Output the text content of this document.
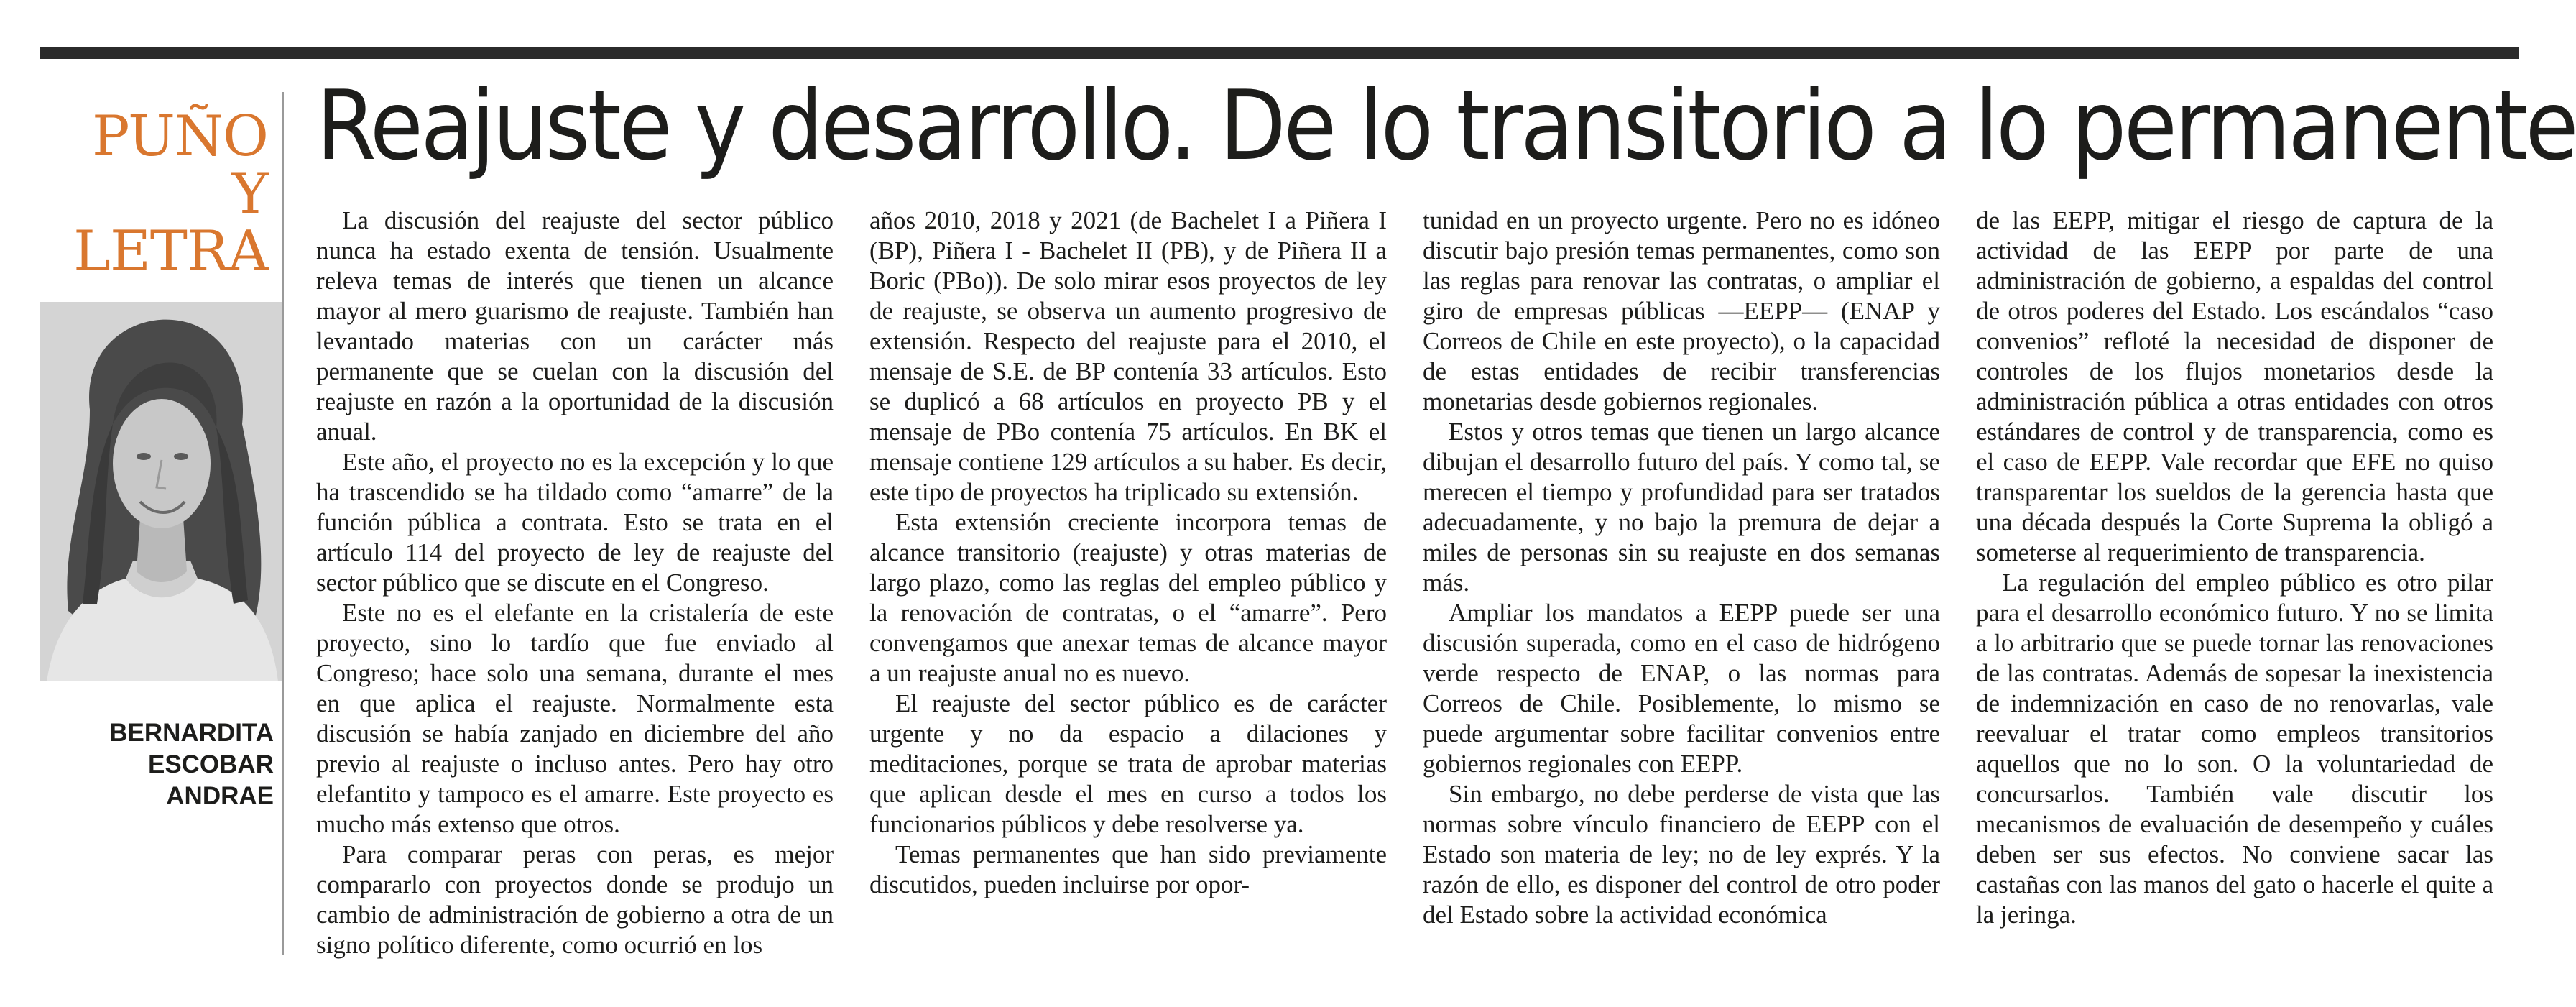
PUÑO
Y
LETRA
BERNARDITA
ESCOBAR
ANDRAE
Reajuste y desarrollo. De lo transitorio a lo permanente

La discusión del reajuste del sector público nunca ha estado exenta de tensión. Usualmente releva temas de interés que tienen un alcance mayor al mero guarismo de reajuste. También han levantado materias con un carácter más permanente que se cuelan con la discusión del reajuste en razón a la oportunidad de la discusión anual.

Este año, el proyecto no es la excepción y lo que ha trascendido se ha tildado como “amarre” de la función pública a contrata. Esto se trata en el artículo 114 del proyecto de ley de reajuste del sector público que se discute en el Congreso.

Este no es el elefante en la cristalería de este proyecto, sino lo tardío que fue enviado al Congreso; hace solo una semana, durante el mes en que aplica el reajuste. Normalmente esta discusión se había zanjado en diciembre del año previo al reajuste o incluso antes. Pero hay otro elefantito y tampoco es el amarre. Este proyecto es mucho más extenso que otros.

Para comparar peras con peras, es mejor compararlo con proyectos donde se produjo un cambio de administración de gobierno a otra de un signo político diferente, como ocurrió en los

años 2010, 2018 y 2021 (de Bachelet I a Piñera I (BP), Piñera I - Bachelet II (PB), y de Piñera II a Boric (PBo)). De solo mirar esos proyectos de ley de reajuste, se observa un aumento progresivo de extensión. Respecto del reajuste para el 2010, el mensaje de S.E. de BP contenía 33 artículos. Esto se duplicó a 68 artículos en proyecto PB y el mensaje de PBo contenía 75 artículos. En BK el mensaje contiene 129 artículos a su haber. Es decir, este tipo de proyectos ha triplicado su extensión.

Esta extensión creciente incorpora temas de alcance transitorio (reajuste) y otras materias de largo plazo, como las reglas del empleo público y la renovación de contratas, o el “amarre”. Pero convengamos que anexar temas de alcance mayor a un reajuste anual no es nuevo.

El reajuste del sector público es de carácter urgente y no da espacio a dilaciones y meditaciones, porque se trata de aprobar materias que aplican desde el mes en curso a todos los funcionarios públicos y debe resolverse ya.

Temas permanentes que han sido previamente discutidos, pueden incluirse por opor-

tunidad en un proyecto urgente. Pero no es idóneo discutir bajo presión temas permanentes, como son las reglas para renovar las contratas, o ampliar el giro de empresas públicas —EEPP— (ENAP y Correos de Chile en este proyecto), o la capacidad de estas entidades de recibir transferencias monetarias desde gobiernos regionales.

Estos y otros temas que tienen un largo alcance dibujan el desarrollo futuro del país. Y como tal, se merecen el tiempo y profundidad para ser tratados adecuadamente, y no bajo la premura de dejar a miles de personas sin su reajuste en dos semanas más.

Ampliar los mandatos a EEPP puede ser una discusión superada, como en el caso de hidrógeno verde respecto de ENAP, o las normas para Correos de Chile. Posiblemente, lo mismo se puede argumentar sobre facilitar convenios entre gobiernos regionales con EEPP.

Sin embargo, no debe perderse de vista que las normas sobre vínculo financiero de EEPP con el Estado son materia de ley; no de ley exprés. Y la razón de ello, es disponer del control de otro poder del Estado sobre la actividad económica

de las EEPP, mitigar el riesgo de captura de la actividad de las EEPP por parte de una administración de gobierno, a espaldas del control de otros poderes del Estado. Los escándalos “caso convenios” refloté la necesidad de disponer de controles de los flujos monetarios desde la administración pública a otras entidades con otros estándares de control y de transparencia, como es el caso de EEPP. Vale recordar que EFE no quiso transparentar los sueldos de la gerencia hasta que una década después la Corte Suprema la obligó a someterse al requerimiento de transparencia.

La regulación del empleo público es otro pilar para el desarrollo económico futuro. Y no se limita a lo arbitrario que se puede tornar las renovaciones de las contratas. Además de sopesar la inexistencia de indemnización en caso de no renovarlas, vale reevaluar el tratar como empleos transitorios aquellos que no lo son. O la voluntariedad de concursarlos. También vale discutir los mecanismos de evaluación de desempeño y cuáles deben ser sus efectos. No conviene sacar las castañas con las manos del gato o hacerle el quite a la jeringa.
